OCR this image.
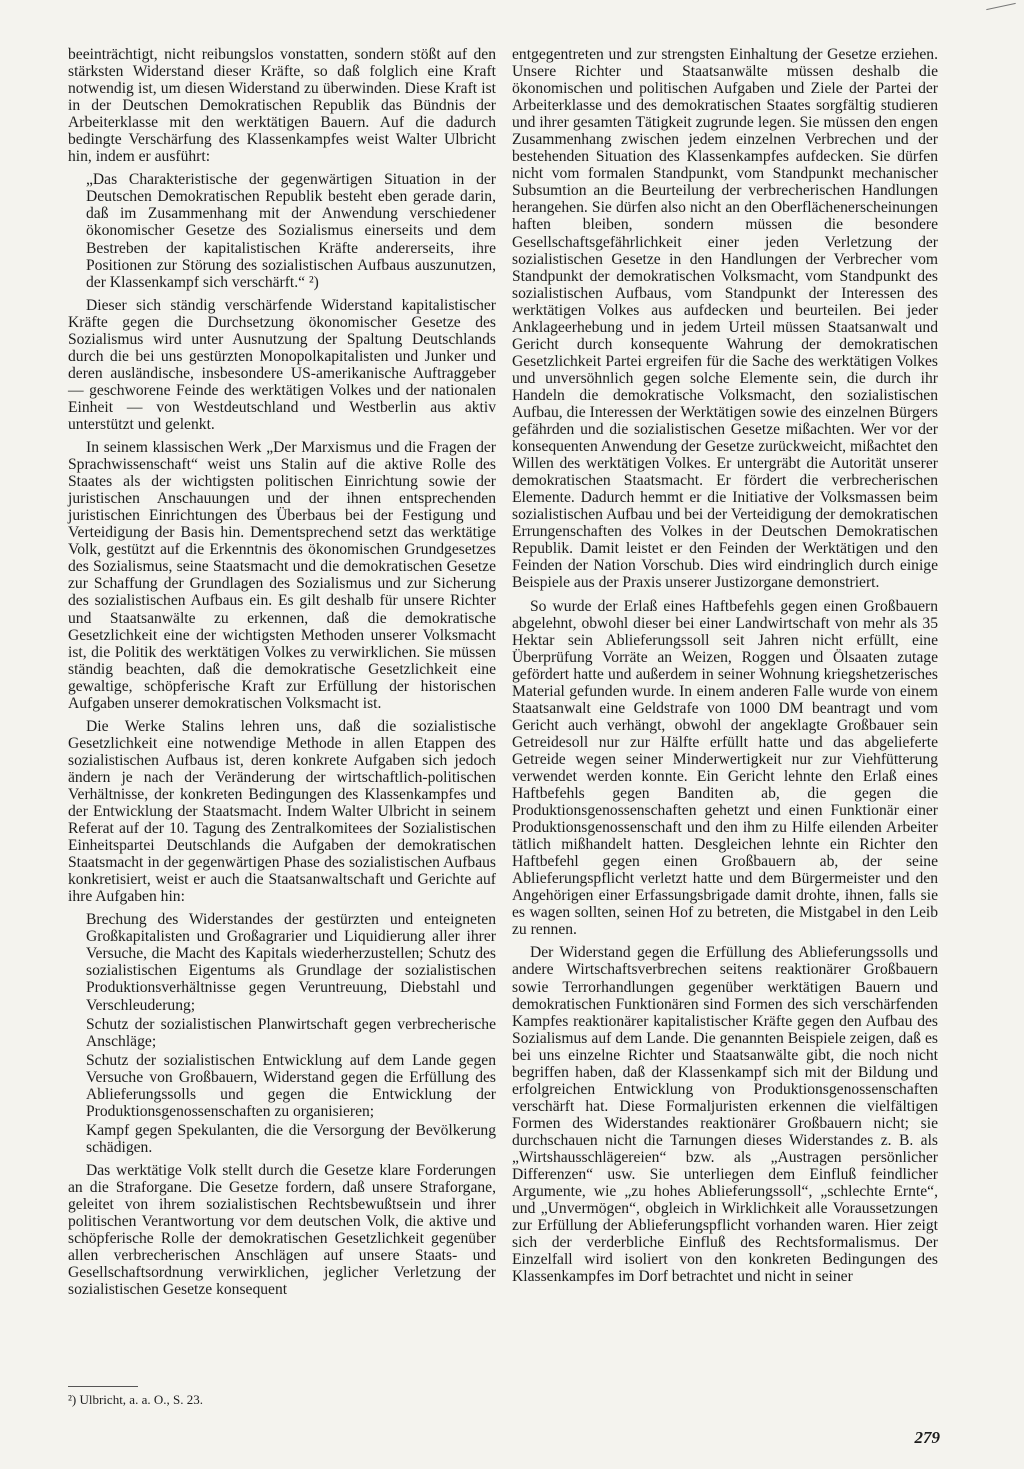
beeinträchtigt, nicht reibungslos vonstatten, sondern stößt auf den stärksten Widerstand dieser Kräfte, so daß folglich eine Kraft notwendig ist, um diesen Widerstand zu überwinden. Diese Kraft ist in der Deutschen Demokratischen Republik das Bündnis der Arbeiterklasse mit den werktätigen Bauern. Auf die dadurch bedingte Verschärfung des Klassenkampfes weist Walter Ulbricht hin, indem er ausführt:

„Das Charakteristische der gegenwärtigen Situation in der Deutschen Demokratischen Republik besteht eben gerade darin, daß im Zusammenhang mit der Anwendung verschiedener ökonomischer Gesetze des Sozialismus einerseits und dem Bestreben der kapitalistischen Kräfte andererseits, ihre Positionen zur Störung des sozialistischen Aufbaus auszunutzen, der Klassenkampf sich verschärft.“ ²)

Dieser sich ständig verschärfende Widerstand kapitalistischer Kräfte gegen die Durchsetzung ökonomischer Gesetze des Sozialismus wird unter Ausnutzung der Spaltung Deutschlands durch die bei uns gestürzten Monopolkapitalisten und Junker und deren ausländische, insbesondere US-amerikanische Auftraggeber — geschworene Feinde des werktätigen Volkes und der nationalen Einheit — von Westdeutschland und Westberlin aus aktiv unterstützt und gelenkt.

In seinem klassischen Werk „Der Marxismus und die Fragen der Sprachwissenschaft“ weist uns Stalin auf die aktive Rolle des Staates als der wichtigsten politischen Einrichtung sowie der juristischen Anschauungen und der ihnen entsprechenden juristischen Einrichtungen des Überbaus bei der Festigung und Verteidigung der Basis hin. Dementsprechend setzt das werktätige Volk, gestützt auf die Erkenntnis des ökonomischen Grundgesetzes des Sozialismus, seine Staatsmacht und die demokratischen Gesetze zur Schaffung der Grundlagen des Sozialismus und zur Sicherung des sozialistischen Aufbaus ein. Es gilt deshalb für unsere Richter und Staatsanwälte zu erkennen, daß die demokratische Gesetzlichkeit eine der wichtigsten Methoden unserer Volksmacht ist, die Politik des werktätigen Volkes zu verwirklichen. Sie müssen ständig beachten, daß die demokratische Gesetzlichkeit eine gewaltige, schöpferische Kraft zur Erfüllung der historischen Aufgaben unserer demokratischen Volksmacht ist.

Die Werke Stalins lehren uns, daß die sozialistische Gesetzlichkeit eine notwendige Methode in allen Etappen des sozialistischen Aufbaus ist, deren konkrete Aufgaben sich jedoch ändern je nach der Veränderung der wirtschaftlich-politischen Verhältnisse, der konkreten Bedingungen des Klassenkampfes und der Entwicklung der Staatsmacht. Indem Walter Ulbricht in seinem Referat auf der 10. Tagung des Zentralkomitees der Sozialistischen Einheitspartei Deutschlands die Aufgaben der demokratischen Staatsmacht in der gegenwärtigen Phase des sozialistischen Aufbaus konkretisiert, weist er auch die Staatsanwaltschaft und Gerichte auf ihre Aufgaben hin:

Brechung des Widerstandes der gestürzten und enteigneten Großkapitalisten und Großagrarier und Liquidierung aller ihrer Versuche, die Macht des Kapitals wiederherzustellen; Schutz des sozialistischen Eigentums als Grundlage der sozialistischen Produktionsverhältnisse gegen Veruntreuung, Diebstahl und Verschleuderung;

Schutz der sozialistischen Planwirtschaft gegen verbrecherische Anschläge;

Schutz der sozialistischen Entwicklung auf dem Lande gegen Versuche von Großbauern, Widerstand gegen die Erfüllung des Ablieferungssolls und gegen die Entwicklung der Produktionsgenossenschaften zu organisieren;

Kampf gegen Spekulanten, die die Versorgung der Bevölkerung schädigen.

Das werktätige Volk stellt durch die Gesetze klare Forderungen an die Straforgane. Die Gesetze fordern, daß unsere Straforgane, geleitet von ihrem sozialistischen Rechtsbewußtsein und ihrer politischen Verantwortung vor dem deutschen Volk, die aktive und schöpferische Rolle der demokratischen Gesetzlichkeit gegenüber allen verbrecherischen Anschlägen auf unsere Staats- und Gesellschaftsordnung verwirklichen, jeglicher Verletzung der sozialistischen Gesetze konsequent

entgegentreten und zur strengsten Einhaltung der Gesetze erziehen. Unsere Richter und Staatsanwälte müssen deshalb die ökonomischen und politischen Aufgaben und Ziele der Partei der Arbeiterklasse und des demokratischen Staates sorgfältig studieren und ihrer gesamten Tätigkeit zugrunde legen. Sie müssen den engen Zusammenhang zwischen jedem einzelnen Verbrechen und der bestehenden Situation des Klassenkampfes aufdecken. Sie dürfen nicht vom formalen Standpunkt, vom Standpunkt mechanischer Subsumtion an die Beurteilung der verbrecherischen Handlungen herangehen. Sie dürfen also nicht an den Oberflächenerscheinungen haften bleiben, sondern müssen die besondere Gesellschaftsgefährlichkeit einer jeden Verletzung der sozialistischen Gesetze in den Handlungen der Verbrecher vom Standpunkt der demokratischen Volksmacht, vom Standpunkt des sozialistischen Aufbaus, vom Standpunkt der Interessen des werktätigen Volkes aus aufdecken und beurteilen. Bei jeder Anklageerhebung und in jedem Urteil müssen Staatsanwalt und Gericht durch konsequente Wahrung der demokratischen Gesetzlichkeit Partei ergreifen für die Sache des werktätigen Volkes und unversöhnlich gegen solche Elemente sein, die durch ihr Handeln die demokratische Volksmacht, den sozialistischen Aufbau, die Interessen der Werktätigen sowie des einzelnen Bürgers gefährden und die sozialistischen Gesetze mißachten. Wer vor der konsequenten Anwendung der Gesetze zurückweicht, mißachtet den Willen des werktätigen Volkes. Er untergräbt die Autorität unserer demokratischen Staatsmacht. Er fördert die verbrecherischen Elemente. Dadurch hemmt er die Initiative der Volksmassen beim sozialistischen Aufbau und bei der Verteidigung der demokratischen Errungenschaften des Volkes in der Deutschen Demokratischen Republik. Damit leistet er den Feinden der Werktätigen und den Feinden der Nation Vorschub. Dies wird eindringlich durch einige Beispiele aus der Praxis unserer Justizorgane demonstriert.

So wurde der Erlaß eines Haftbefehls gegen einen Großbauern abgelehnt, obwohl dieser bei einer Landwirtschaft von mehr als 35 Hektar sein Ablieferungssoll seit Jahren nicht erfüllt, eine Überprüfung Vorräte an Weizen, Roggen und Ölsaaten zutage gefördert hatte und außerdem in seiner Wohnung kriegshetzerisches Material gefunden wurde. In einem anderen Falle wurde von einem Staatsanwalt eine Geldstrafe von 1000 DM beantragt und vom Gericht auch verhängt, obwohl der angeklagte Großbauer sein Getreidesoll nur zur Hälfte erfüllt hatte und das abgelieferte Getreide wegen seiner Minderwertigkeit nur zur Viehfütterung verwendet werden konnte. Ein Gericht lehnte den Erlaß eines Haftbefehls gegen Banditen ab, die gegen die Produktionsgenossenschaften gehetzt und einen Funktionär einer Produktionsgenossenschaft und den ihm zu Hilfe eilenden Arbeiter tätlich mißhandelt hatten. Desgleichen lehnte ein Richter den Haftbefehl gegen einen Großbauern ab, der seine Ablieferungspflicht verletzt hatte und dem Bürgermeister und den Angehörigen einer Erfassungsbrigade damit drohte, ihnen, falls sie es wagen sollten, seinen Hof zu betreten, die Mistgabel in den Leib zu rennen.

Der Widerstand gegen die Erfüllung des Ablieferungssolls und andere Wirtschaftsverbrechen seitens reaktionärer Großbauern sowie Terrorhandlungen gegenüber werktätigen Bauern und demokratischen Funktionären sind Formen des sich verschärfenden Kampfes reaktionärer kapitalistischer Kräfte gegen den Aufbau des Sozialismus auf dem Lande. Die genannten Beispiele zeigen, daß es bei uns einzelne Richter und Staatsanwälte gibt, die noch nicht begriffen haben, daß der Klassenkampf sich mit der Bildung und erfolgreichen Entwicklung von Produktionsgenossenschaften verschärft hat. Diese Formaljuristen erkennen die vielfältigen Formen des Widerstandes reaktionärer Großbauern nicht; sie durchschauen nicht die Tarnungen dieses Widerstandes z. B. als „Wirtshausschlägereien“ bzw. als „Austragen persönlicher Differenzen“ usw. Sie unterliegen dem Einfluß feindlicher Argumente, wie „zu hohes Ablieferungssoll“, „schlechte Ernte“, und „Unvermögen“, obgleich in Wirklichkeit alle Voraussetzungen zur Erfüllung der Ablieferungspflicht vorhanden waren. Hier zeigt sich der verderbliche Einfluß des Rechtsformalismus. Der Einzelfall wird isoliert von den konkreten Bedingungen des Klassenkampfes im Dorf betrachtet und nicht in seiner

²) Ulbricht, a. a. O., S. 23.
279
